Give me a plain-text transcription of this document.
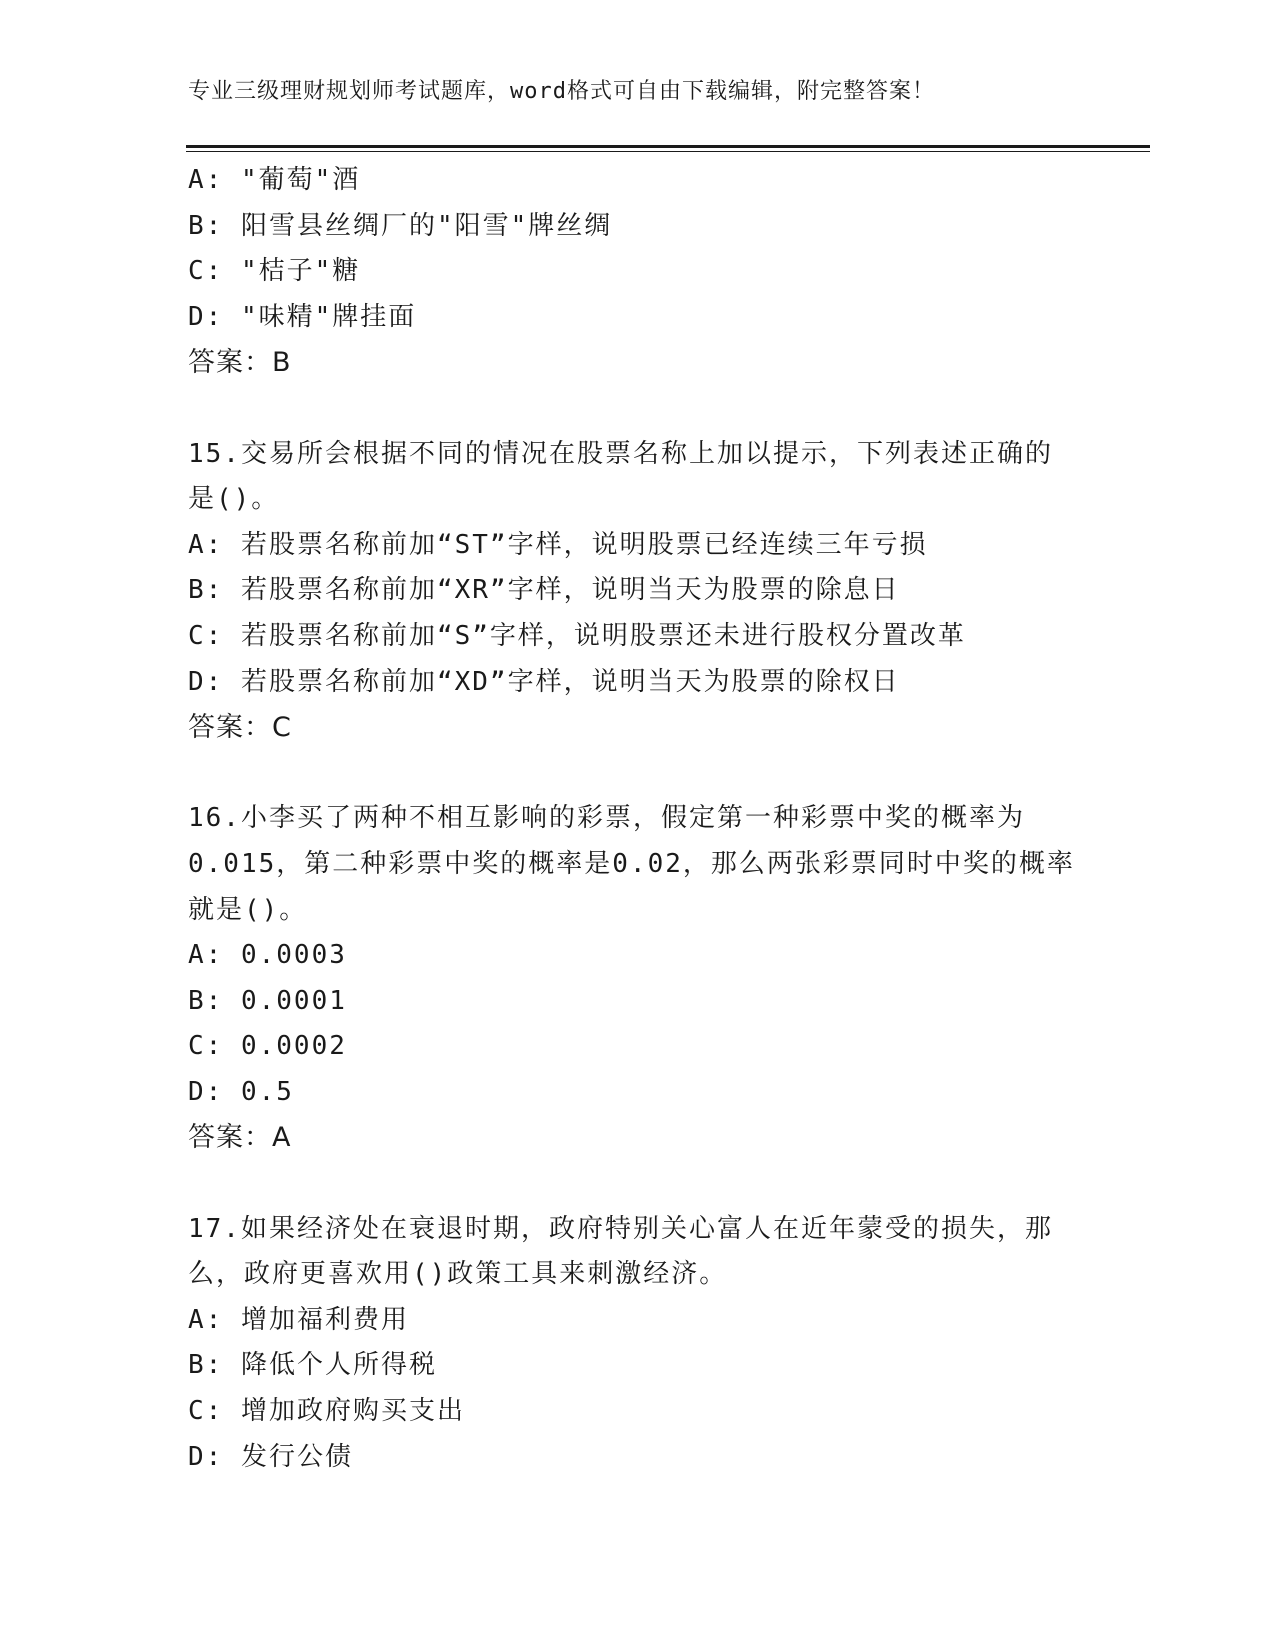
专业三级理财规划师考试题库，word格式可自由下载编辑，附完整答案！
A: "葡萄"酒
B: 阳雪县丝绸厂的"阳雪"牌丝绸
C: "桔子"糖
D: "味精"牌挂面
答案：B
15.交易所会根据不同的情况在股票名称上加以提示，下列表述正确的
是()。
A: 若股票名称前加“ST”字样，说明股票已经连续三年亏损
B: 若股票名称前加“XR”字样，说明当天为股票的除息日
C: 若股票名称前加“S”字样，说明股票还未进行股权分置改革
D: 若股票名称前加“XD”字样，说明当天为股票的除权日
答案：C
16.小李买了两种不相互影响的彩票，假定第一种彩票中奖的概率为
0.015，第二种彩票中奖的概率是0.02，那么两张彩票同时中奖的概率
就是()。
A: 0.0003
B: 0.0001
C: 0.0002
D: 0.5
答案：A
17.如果经济处在衰退时期，政府特别关心富人在近年蒙受的损失，那
么，政府更喜欢用()政策工具来刺激经济。
A: 增加福利费用
B: 降低个人所得税
C: 增加政府购买支出
D: 发行公债
